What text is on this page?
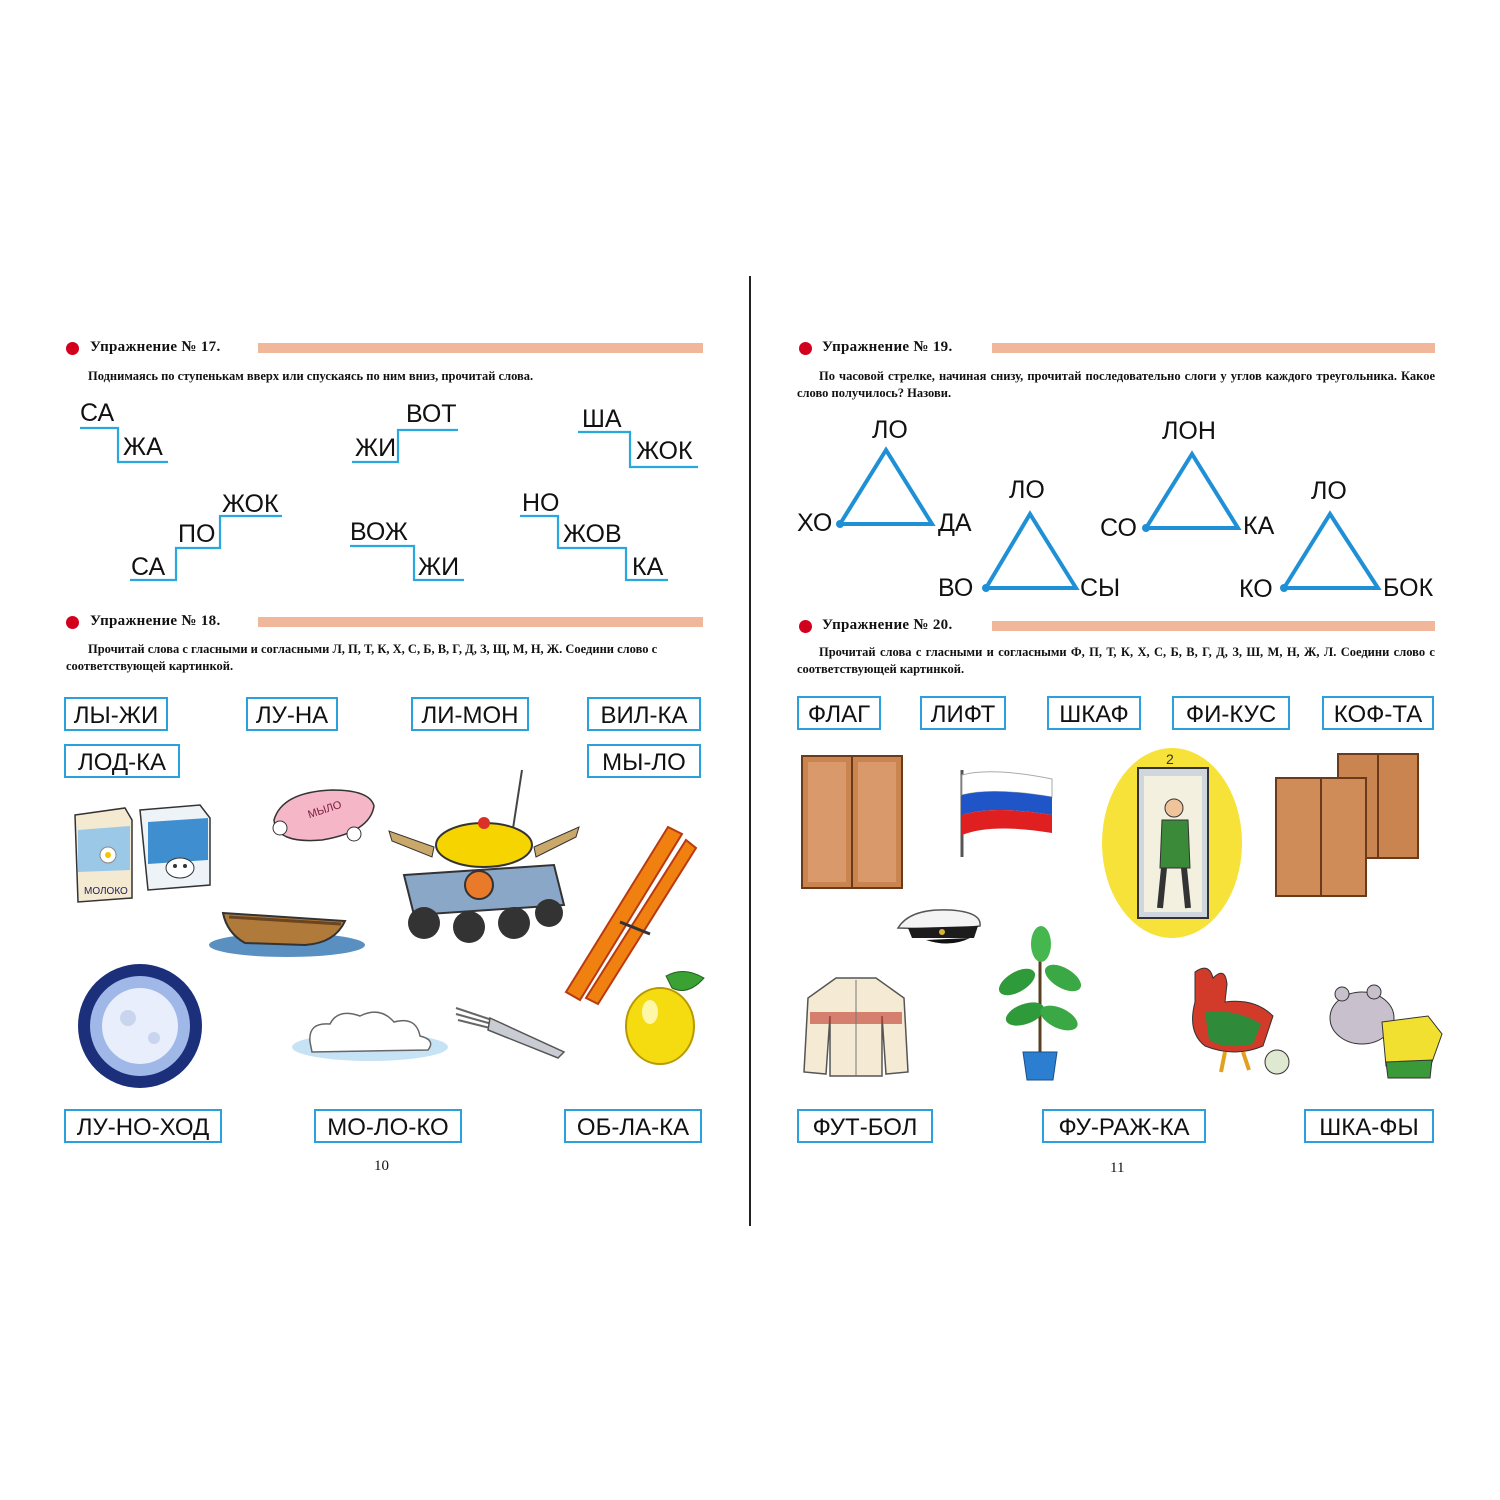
Упражнение № 17.
Поднимаясь по ступенькам вверх или спускаясь по ним вниз, прочитай слова.
СА
ЖА	ЖИ
ВОТ	ША
ЖОК
СА
ПО
ЖОК
ВОЖ
ЖИ
НО
ЖОВ
КА
Упражнение № 18.
Прочитай слова с гласными и согласными Л, П, Т, К, Х, С, Б, В, Г, Д, З, Щ, М, Н, Ж. Соедини слово с соответствующей картинкой.
ЛЫ-ЖИ	ЛУ-НА	ЛИ-МОН	ВИЛ-КА
ЛОД-КА	МЫ-ЛО
МОЛОКО
МЫЛО
ЛУ-НО-ХОД	МО-ЛО-КО	ОБ-ЛА-КА
10
Упражнение № 19.
По часовой стрелке, начиная снизу, прочитай последовательно слоги у углов каждого треугольника. Какое слово получилось? Назови.
ХО
ЛО
ДА
ВО
ЛО
СЫ
СО
ЛОН
КА
КО
ЛО
БОК
Упражнение № 20.
Прочитай слова с гласными и согласными Ф, П, Т, К, Х, С, Б, В, Г, Д, З, Ш, М, Н, Ж, Л. Соедини слово с соответствующей картинкой.
ФЛАГ	ЛИФТ	ШКАФ	ФИ-КУС	КОФ-ТА
2
ФУТ-БОЛ	ФУ-РАЖ-КА	ШКА-ФЫ
11
